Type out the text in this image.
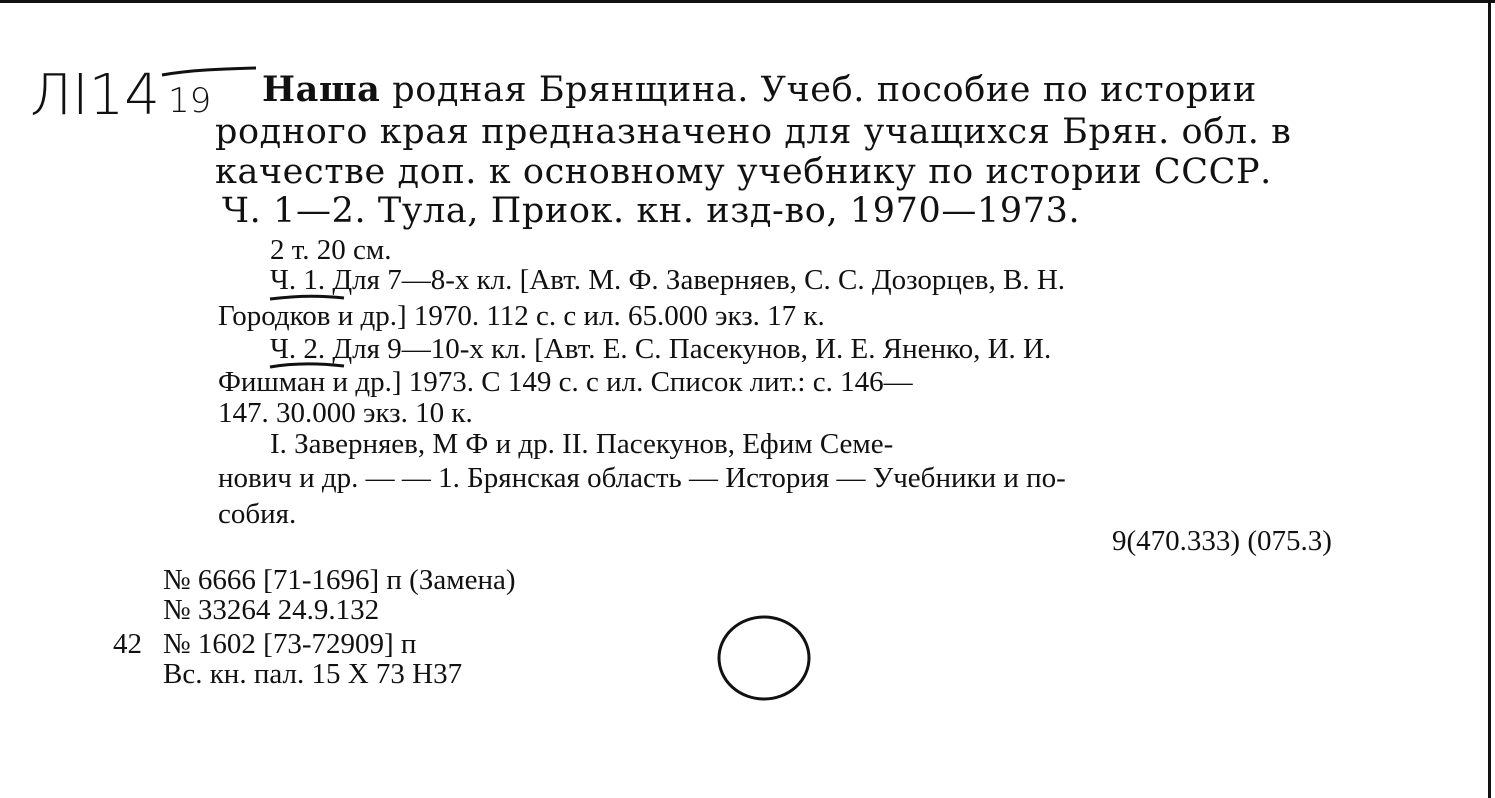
ЛІ14 19 Наша родная Брянщина. Учеб. пособие по истории
родного края предназначено для учащихся Брян. обл. в
качестве доп. к основному учебнику по истории СССР.
Ч. 1—2. Тула, Приок. кн. изд-во, 1970—1973.
2 т. 20 см.
Ч. 1. Для 7—8-х кл. [Авт. М. Ф. Заверняев, С. С. Дозорцев, В. Н.
Городков и др.] 1970. 112 с. с ил. 65.000 экз. 17 к.
Ч. 2. Для 9—10-х кл. [Авт. Е. С. Пасекунов, И. Е. Яненко, И. И.
Фишман и др.] 1973. С 149 с. с ил. Список лит.: с. 146—
147. 30.000 экз. 10 к.
I. Заверняев, М Ф и др. II. Пасекунов, Ефим Семе-
нович и др. — — 1. Брянская область — История — Учебники и по-
собия.
9(470.333) (075.3)
№ 6666 [71-1696] п (Замена)
№ 33264 24.9.132
42 № 1602 [73-72909] п
Вс. кн. пал. 15 X 73 Н37
